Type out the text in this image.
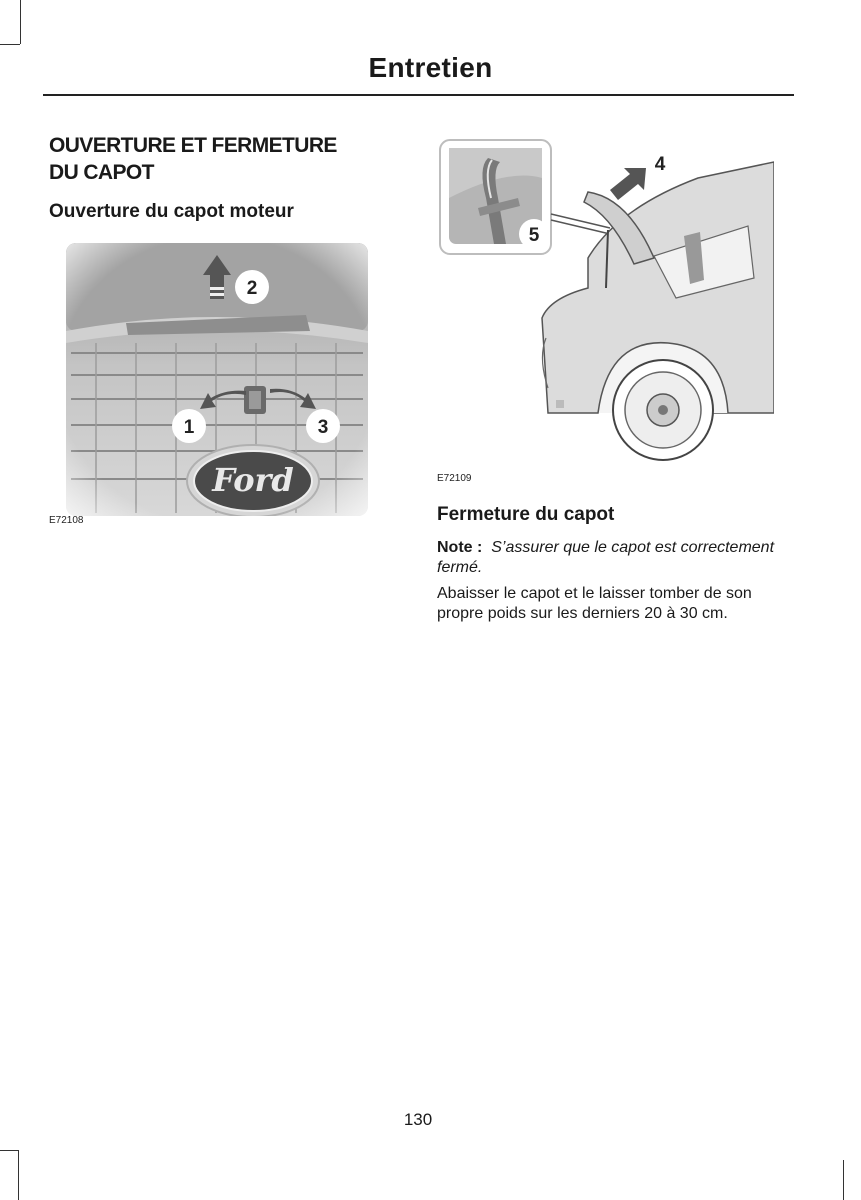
Entretien
OUVERTURE ET FERMETURE
DU CAPOT
Ouverture du capot moteur
E72108
5
4
E72109
Fermeture du capot
Note : S’assurer que le capot est correctement fermé.
Abaisser le capot et le laisser tomber de son propre poids sur les derniers 20 à 30 cm.
130
